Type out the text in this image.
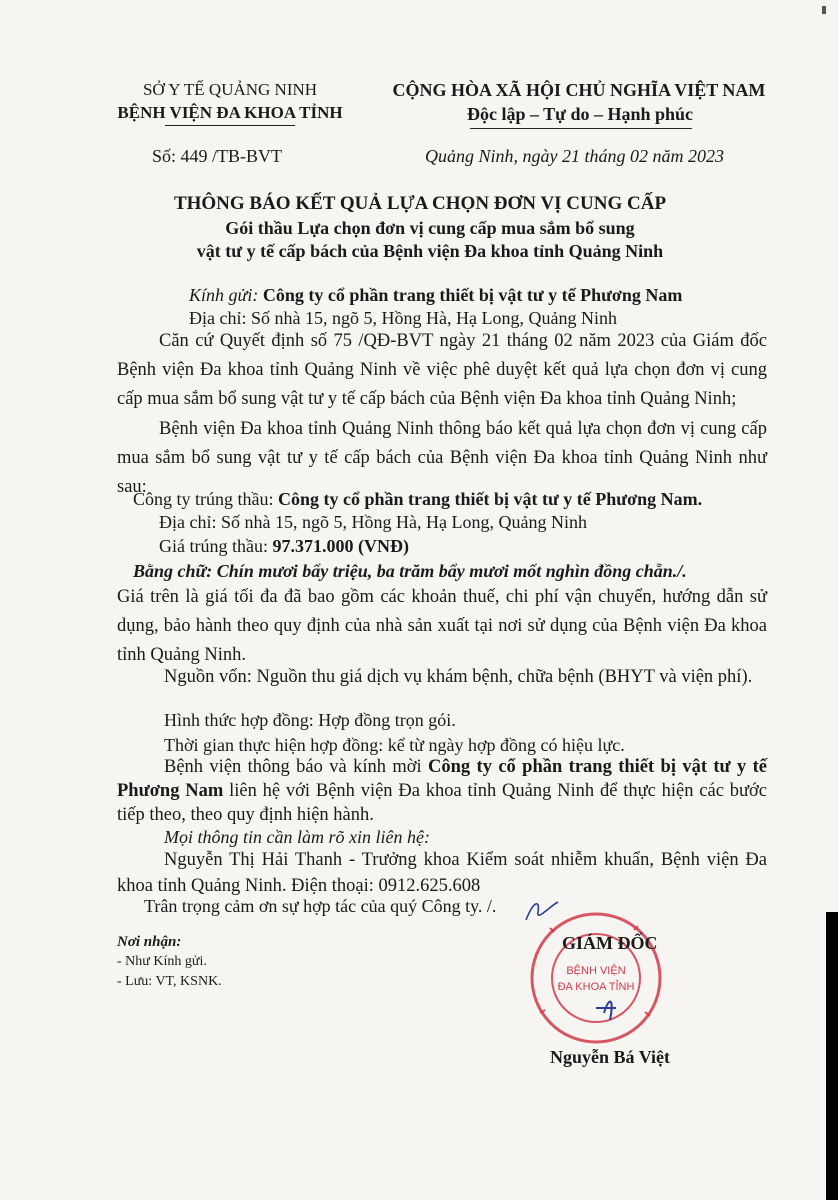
SỞ Y TẾ QUẢNG NINH
BỆNH VIỆN ĐA KHOA TỈNH
CỘNG HÒA XÃ HỘI CHỦ NGHĨA VIỆT NAM
Độc lập – Tự do – Hạnh phúc
Số: 449 /TB-BVT	Quảng Ninh, ngày 21 tháng 02 năm 2023
THÔNG BÁO KẾT QUẢ LỰA CHỌN ĐƠN VỊ CUNG CẤP
Gói thầu Lựa chọn đơn vị cung cấp mua sắm bổ sung
vật tư y tế cấp bách của Bệnh viện Đa khoa tỉnh Quảng Ninh
Kính gửi: Công ty cổ phần trang thiết bị vật tư y tế Phương Nam
Địa chỉ: Số nhà 15, ngõ 5, Hồng Hà, Hạ Long, Quảng Ninh
Căn cứ Quyết định số 75 /QĐ-BVT ngày 21 tháng 02 năm 2023 của Giám đốc Bệnh viện Đa khoa tỉnh Quảng Ninh về việc phê duyệt kết quả lựa chọn đơn vị cung cấp mua sắm bổ sung vật tư y tế cấp bách của Bệnh viện Đa khoa tỉnh Quảng Ninh;
Bệnh viện Đa khoa tỉnh Quảng Ninh thông báo kết quả lựa chọn đơn vị cung cấp mua sắm bổ sung vật tư y tế cấp bách của Bệnh viện Đa khoa tỉnh Quảng Ninh như sau:
Công ty trúng thầu: Công ty cổ phần trang thiết bị vật tư y tế Phương Nam.
Địa chỉ: Số nhà 15, ngõ 5, Hồng Hà, Hạ Long, Quảng Ninh
Giá trúng thầu: 97.371.000 (VNĐ)
Bằng chữ: Chín mươi bẩy triệu, ba trăm bẩy mươi mốt nghìn đồng chẵn./.
Giá trên là giá tối đa đã bao gồm các khoản thuế, chi phí vận chuyển, hướng dẫn sử dụng, bảo hành theo quy định của nhà sản xuất tại nơi sử dụng của Bệnh viện Đa khoa tỉnh Quảng Ninh.
Nguồn vốn: Nguồn thu giá dịch vụ khám bệnh, chữa bệnh (BHYT và viện phí).
Hình thức hợp đồng: Hợp đồng trọn gói.
Thời gian thực hiện hợp đồng: kể từ ngày hợp đồng có hiệu lực.
Bệnh viện thông báo và kính mời Công ty cổ phần trang thiết bị vật tư y tế Phương Nam liên hệ với Bệnh viện Đa khoa tỉnh Quảng Ninh để thực hiện các bước tiếp theo, theo quy định hiện hành.
Mọi thông tin cần làm rõ xin liên hệ:
Nguyễn Thị Hải Thanh - Trưởng khoa Kiểm soát nhiễm khuẩn, Bệnh viện Đa khoa tỉnh Quảng Ninh. Điện thoại: 0912.625.608
Trân trọng cảm ơn sự hợp tác của quý Công ty. /.
Nơi nhận:
- Như Kính gửi.
- Lưu: VT, KSNK.
BỆNH VIỆN
ĐA KHOA TỈNH
GIÁM ĐỐC
Nguyễn Bá Việt
